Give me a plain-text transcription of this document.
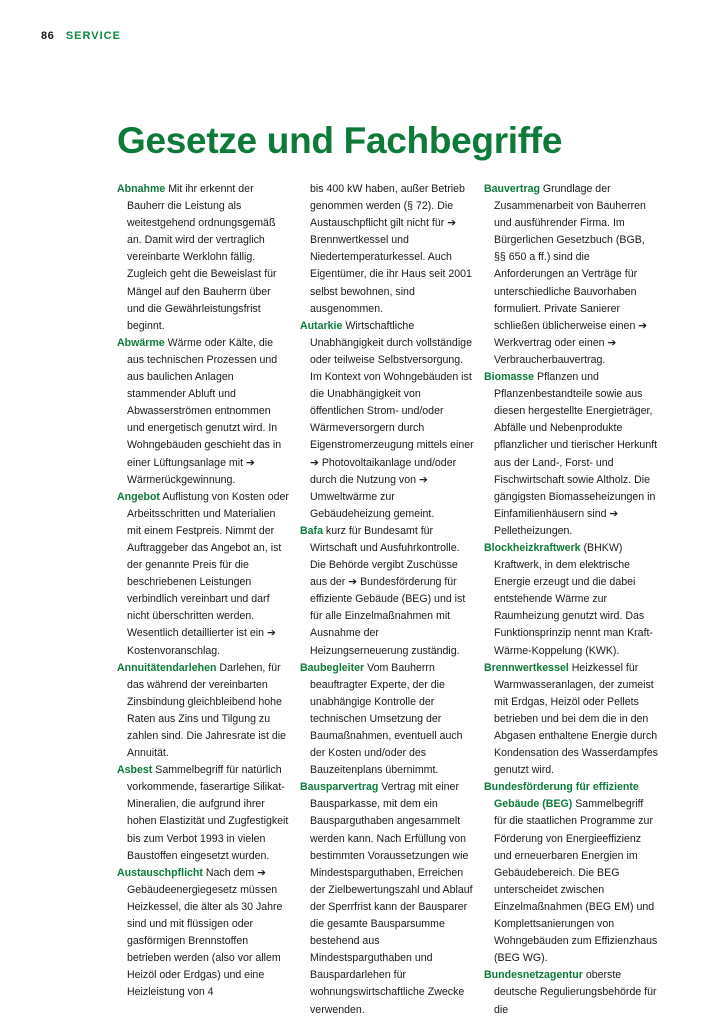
86 SERVICE
Gesetze und Fachbegriffe

Abnahme Mit ihr erkennt der Bauherr die Leistung als weitestgehend ordnungsgemäß an. Damit wird der vertraglich vereinbarte Werklohn fällig. Zugleich geht die Beweislast für Mängel auf den Bauherrn über und die Gewährleistungsfrist beginnt.

Abwärme Wärme oder Kälte, die aus technischen Prozessen und aus baulichen Anlagen stammender Abluft und Abwasserströmen entnommen und energetisch genutzt wird. In Wohngebäuden geschieht das in einer Lüftungsanlage mit ➔ Wärmerückgewinnung.

Angebot Auflistung von Kosten oder Arbeitsschritten und Materialien mit einem Festpreis. Nimmt der Auftraggeber das Angebot an, ist der genannte Preis für die beschriebenen Leistungen verbindlich vereinbart und darf nicht überschritten werden. Wesentlich detaillierter ist ein ➔ Kostenvoranschlag.

Annuitätendarlehen Darlehen, für das während der vereinbarten Zinsbindung gleichbleibend hohe Raten aus Zins und Tilgung zu zahlen sind. Die Jahresrate ist die Annuität.

Asbest Sammelbegriff für natürlich vorkommende, faserartige Silikat-Mineralien, die aufgrund ihrer hohen Elastizität und Zugfestigkeit bis zum Verbot 1993 in vielen Baustoffen eingesetzt wurden.

Austauschpflicht Nach dem ➔ Gebäudeenergiegesetz müssen Heizkessel, die älter als 30 Jahre sind und mit flüssigen oder gasförmigen Brennstoffen betrieben werden (also vor allem Heizöl oder Erdgas) und eine Heizleistung von 4

bis 400 kW haben, außer Betrieb genommen werden (§ 72). Die Austauschpflicht gilt nicht für ➔ Brennwertkessel und Niedertemperaturkessel. Auch Eigentümer, die ihr Haus seit 2001 selbst bewohnen, sind ausgenommen.

Autarkie Wirtschaftliche Unabhängigkeit durch vollständige oder teilweise Selbstversorgung. Im Kontext von Wohngebäuden ist die Unabhängigkeit von öffentlichen Strom- und/oder Wärmeversorgern durch Eigenstromerzeugung mittels einer ➔ Photovoltaikanlage und/oder durch die Nutzung von ➔ Umweltwärme zur Gebäudeheizung gemeint.

Bafa kurz für Bundesamt für Wirtschaft und Ausfuhrkontrolle. Die Behörde vergibt Zuschüsse aus der ➔ Bundesförderung für effiziente Gebäude (BEG) und ist für alle Einzelmaßnahmen mit Ausnahme der Heizungserneuerung zuständig.

Baubegleiter Vom Bauherrn beauftragter Experte, der die unabhängige Kontrolle der technischen Umsetzung der Baumaßnahmen, eventuell auch der Kosten und/oder des Bauzeitenplans übernimmt.

Bausparvertrag Vertrag mit einer Bausparkasse, mit dem ein Bausparguthaben angesammelt werden kann. Nach Erfüllung von bestimmten Voraussetzungen wie Mindestsparguthaben, Erreichen der Zielbewertungszahl und Ablauf der Sperrfrist kann der Bausparer die gesamte Bausparsumme bestehend aus Mindestsparguthaben und Bauspardarlehen für wohnungswirtschaftliche Zwecke verwenden.

Bauvertrag Grundlage der Zusammenarbeit von Bauherren und ausführender Firma. Im Bürgerlichen Gesetzbuch (BGB, §§ 650 a ff.) sind die Anforderungen an Verträge für unterschiedliche Bauvorhaben formuliert. Private Sanierer schließen üblicherweise einen ➔ Werkvertrag oder einen ➔ Verbraucherbauvertrag.

Biomasse Pflanzen und Pflanzenbestandteile sowie aus diesen hergestellte Energieträger, Abfälle und Nebenprodukte pflanzlicher und tierischer Herkunft aus der Land-, Forst- und Fischwirtschaft sowie Altholz. Die gängigsten Biomasseheizungen in Einfamilienhäusern sind ➔ Pelletheizungen.

Blockheizkraftwerk (BHKW) Kraftwerk, in dem elektrische Energie erzeugt und die dabei entstehende Wärme zur Raumheizung genutzt wird. Das Funktionsprinzip nennt man Kraft-Wärme-Koppelung (KWK).

Brennwertkessel Heizkessel für Warmwasseranlagen, der zumeist mit Erdgas, Heizöl oder Pellets betrieben und bei dem die in den Abgasen enthaltene Energie durch Kondensation des Wasserdampfes genutzt wird.

Bundesförderung für effiziente Gebäude (BEG) Sammelbegriff für die staatlichen Programme zur Förderung von Energieeffizienz und erneuerbaren Energien im Gebäudebereich. Die BEG unterscheidet zwischen Einzelmaßnahmen (BEG EM) und Komplettsanierungen von Wohngebäuden zum Effizienzhaus (BEG WG).

Bundesnetzagentur oberste deutsche Regulierungsbehörde für die
